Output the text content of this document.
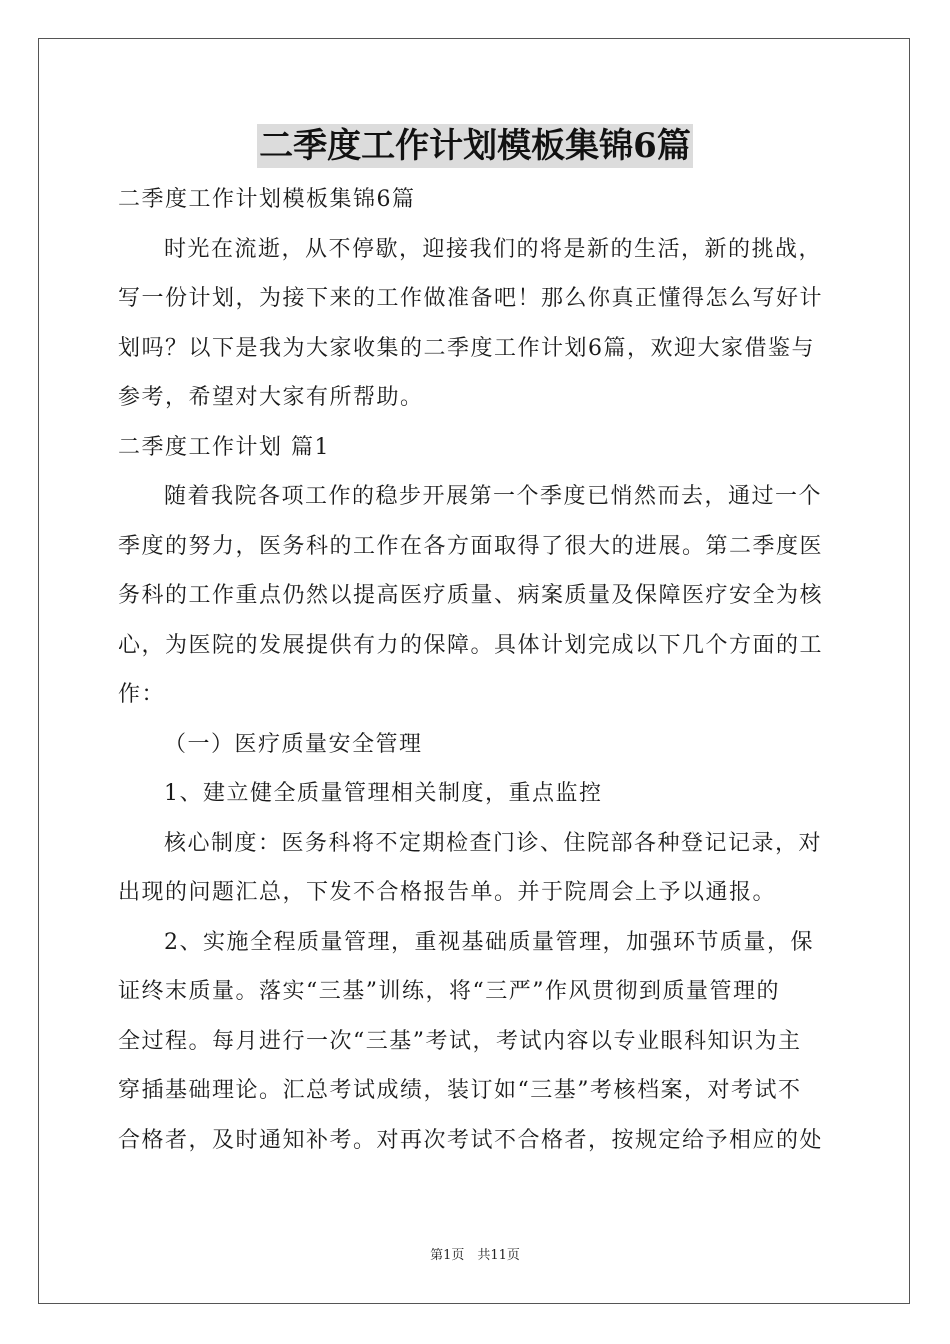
二季度工作计划模板集锦6篇
二季度工作计划模板集锦6篇
时光在流逝，从不停歇，迎接我们的将是新的生活，新的挑战，
写一份计划，为接下来的工作做准备吧！那么你真正懂得怎么写好计
划吗？以下是我为大家收集的二季度工作计划6篇，欢迎大家借鉴与
参考，希望对大家有所帮助。
二季度工作计划 篇1
随着我院各项工作的稳步开展第一个季度已悄然而去，通过一个
季度的努力，医务科的工作在各方面取得了很大的进展。第二季度医
务科的工作重点仍然以提高医疗质量、病案质量及保障医疗安全为核
心，为医院的发展提供有力的保障。具体计划完成以下几个方面的工
作：
（一）医疗质量安全管理
1、建立健全质量管理相关制度，重点监控
核心制度：医务科将不定期检查门诊、住院部各种登记记录，对
出现的问题汇总，下发不合格报告单。并于院周会上予以通报。
2、实施全程质量管理，重视基础质量管理，加强环节质量，保
证终末质量。落实“三基”训练，将“三严”作风贯彻到质量管理的
全过程。每月进行一次“三基”考试，考试内容以专业眼科知识为主
穿插基础理论。汇总考试成绩，装订如“三基”考核档案，对考试不
合格者，及时通知补考。对再次考试不合格者，按规定给予相应的处
第1页　共11页
